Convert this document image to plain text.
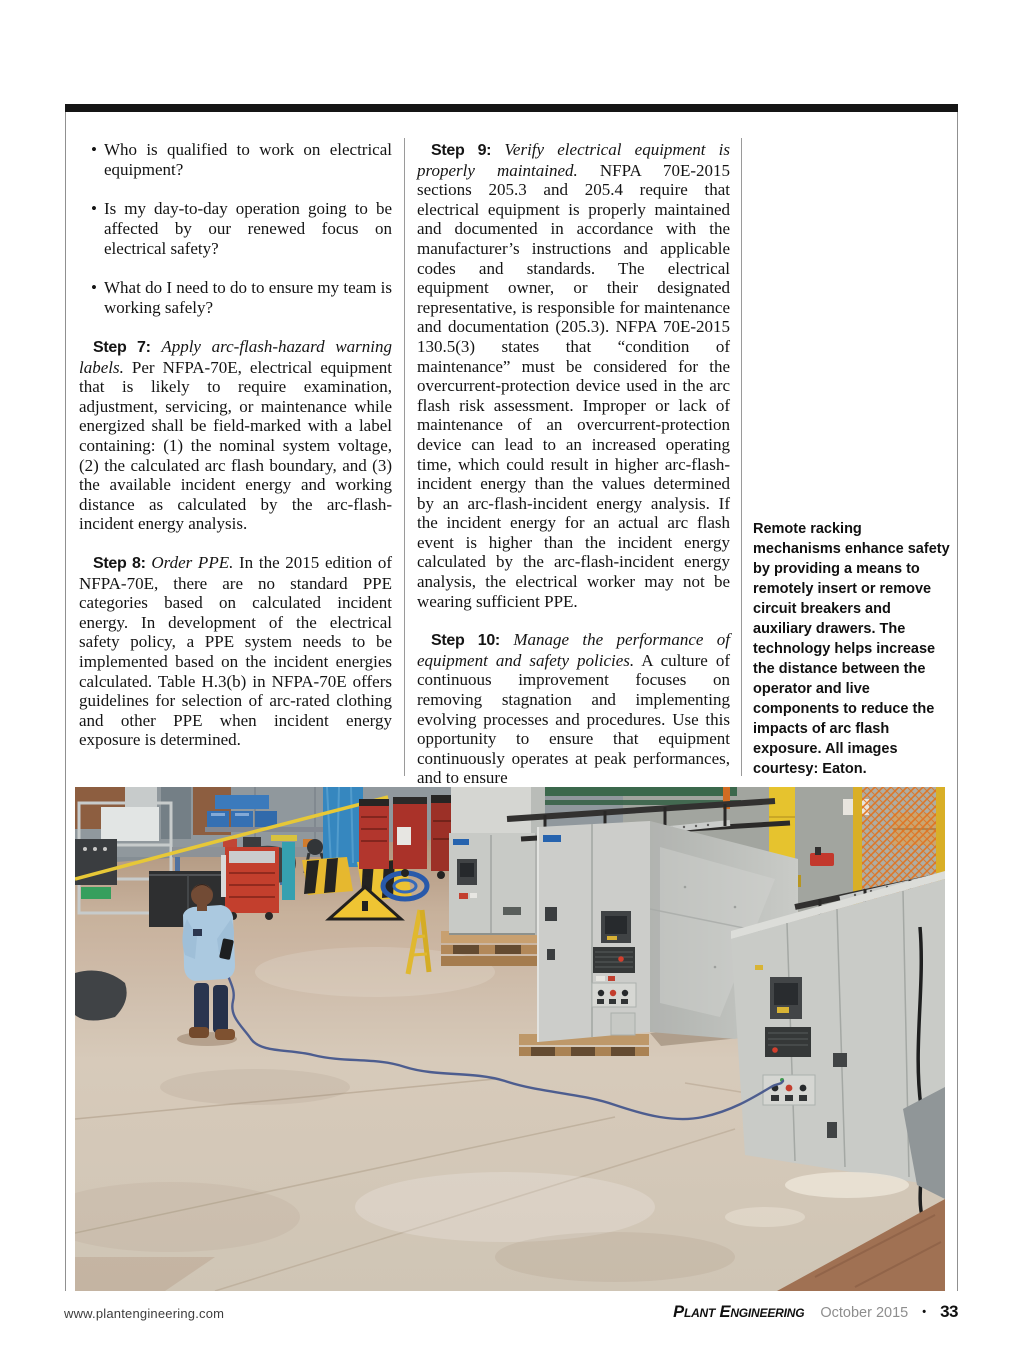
• Who is qualified to work on electrical equipment?
• Is my day-to-day operation going to be affected by our renewed focus on electrical safety?
• What do I need to do to ensure my team is working safely?

Step 7: Apply arc-flash-hazard warning labels. Per NFPA-70E, electrical equipment that is likely to require examination, adjustment, servicing, or maintenance while energized shall be field-marked with a label containing: (1) the nominal system voltage, (2) the calculated arc flash boundary, and (3) the available incident energy and working distance as calculated by the arc-flash-incident energy analysis.

Step 8: Order PPE. In the 2015 edition of NFPA-70E, there are no standard PPE categories based on calculated incident energy. In development of the electrical safety policy, a PPE system needs to be implemented based on the incident energies calculated. Table H.3(b) in NFPA-70E offers guidelines for selection of arc-rated clothing and other PPE when incident energy exposure is determined.

Step 9: Verify electrical equipment is properly maintained. NFPA 70E-2015 sections 205.3 and 205.4 require that electrical equipment is properly maintained and documented in accordance with the manufacturer’s instructions and applicable codes and standards. The electrical equipment owner, or their designated representative, is responsible for maintenance and documentation (205.3). NFPA 70E-2015 130.5(3) states that “condition of maintenance” must be considered for the overcurrent-protection device used in the arc flash risk assessment. Improper or lack of maintenance of an overcurrent-protection device can lead to an increased operating time, which could result in higher arc-flash-incident energy than the values determined by an arc-flash-incident energy analysis. If the incident energy for an actual arc flash event is higher than the incident energy calculated by the arc-flash-incident energy analysis, the electrical worker may not be wearing sufficient PPE.

Step 10: Manage the performance of equipment and safety policies. A culture of continuous improvement focuses on removing stagnation and implementing evolving processes and procedures. Use this opportunity to ensure that equipment continuously operates at peak performances, and to ensure

Remote racking mechanisms enhance safety by providing a means to remotely insert or remove circuit breakers and auxiliary drawers. The technology helps increase the distance between the operator and live components to reduce the impacts of arc flash exposure. All images courtesy: Eaton.
www.plantengineering.com	Plant Engineering October 2015 • 33
